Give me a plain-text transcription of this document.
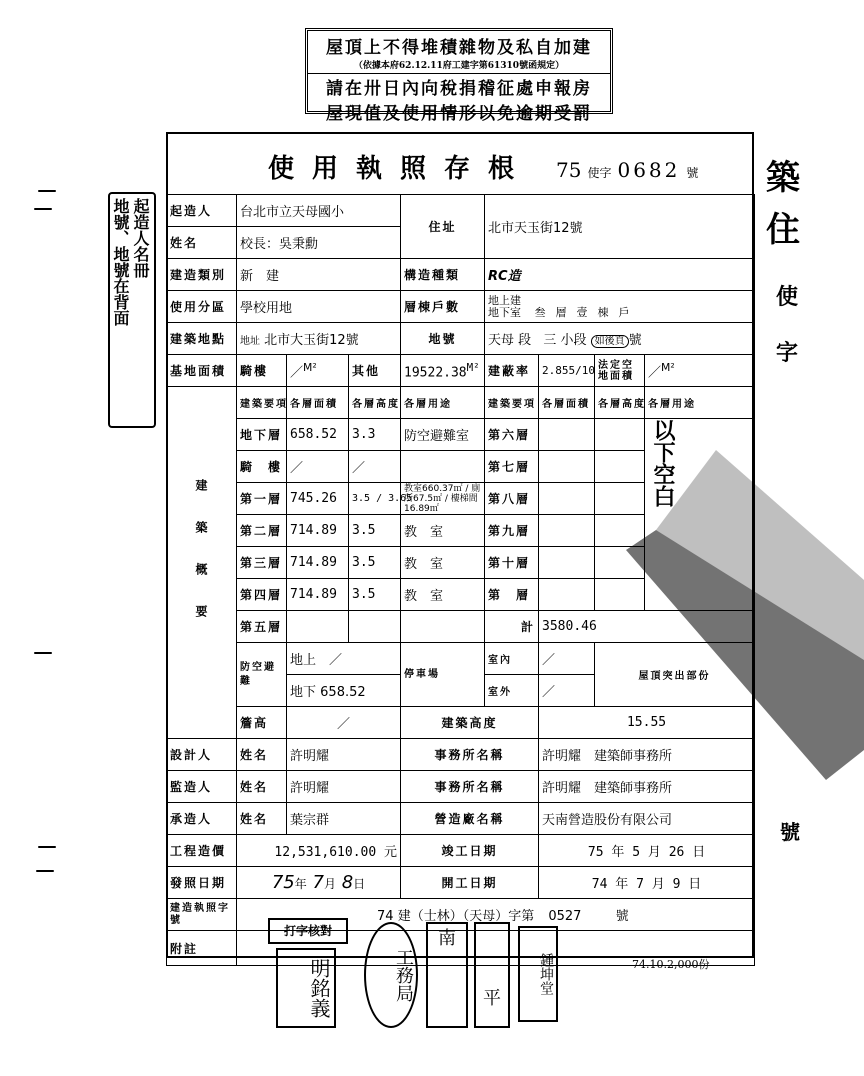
屋頂上不得堆積雜物及私自加建
（依據本府62.12.11府工建字第61310號函規定）
請在卅日內向稅捐稽征處申報房
屋現值及使用情形以免逾期受罰
起造人名冊
地號、地號在背面
使用執照存根 75 使字 0682 號
起造人	台北市立天母國小			住址	北市天玉街12號			
姓名	校長：吳秉勳							
建造類別	新　建			構造種類	RC造			
使用分區	學校用地			層棟戶數	地上建
地下室 叁 層 壹 棟 戶			
建築地點	地址 北市大玉街12號			地號	天母 段 三 小段 如後頁 號			
基地面積	騎樓	／$^{M^2}$	其他	$19522.38^{M^2}$	建蔽率	2.855/10	法定空地面積	／$^{M^2}$
建築概要	建築要項	各層面積	各層高度	各層用途	建築要項	各層面積	各層高度	各層用途
	地下層	658.52	3.3	防空避難室	第六層			以下空白
	騎　樓	／	／		第七層			
	第一層	745.26	3.5 / 3.65	教室660.37㎡ / 廁所67.5㎡ / 樓梯間16.89㎡	第八層			
	第二層	714.89	3.5	教　室	第九層			
	第三層	714.89	3.5	教　室	第十層			
	第四層	714.89	3.5	教　室	第　層			
	第五層				計	3580.46		
	防空避難	地上　 ／		停車場	室內	／	屋頂突出部份	
		地下 658.52			室外	／		
	簷高	／		建築高度		15.55		
設計人	姓名	許明耀		事務所名稱		許明耀　建築師事務所		
監造人	姓名	許明耀		事務所名稱		許明耀　建築師事務所		
承造人	姓名	葉宗群		營造廠名稱		天南營造股份有限公司		
工程造價	12,531,610.00 元			竣工日期		75 年 5 月 26 日		
發照日期	75年 7月 8日			開工日期		74 年 7 月 9 日		
建造執照字號	74 建（士林）（天母）字第 0527 號							
附註								
打字核對
明銘義	工務局
南
平
鍾坤堂	74.10.2,000份
築
住
使
字
號
